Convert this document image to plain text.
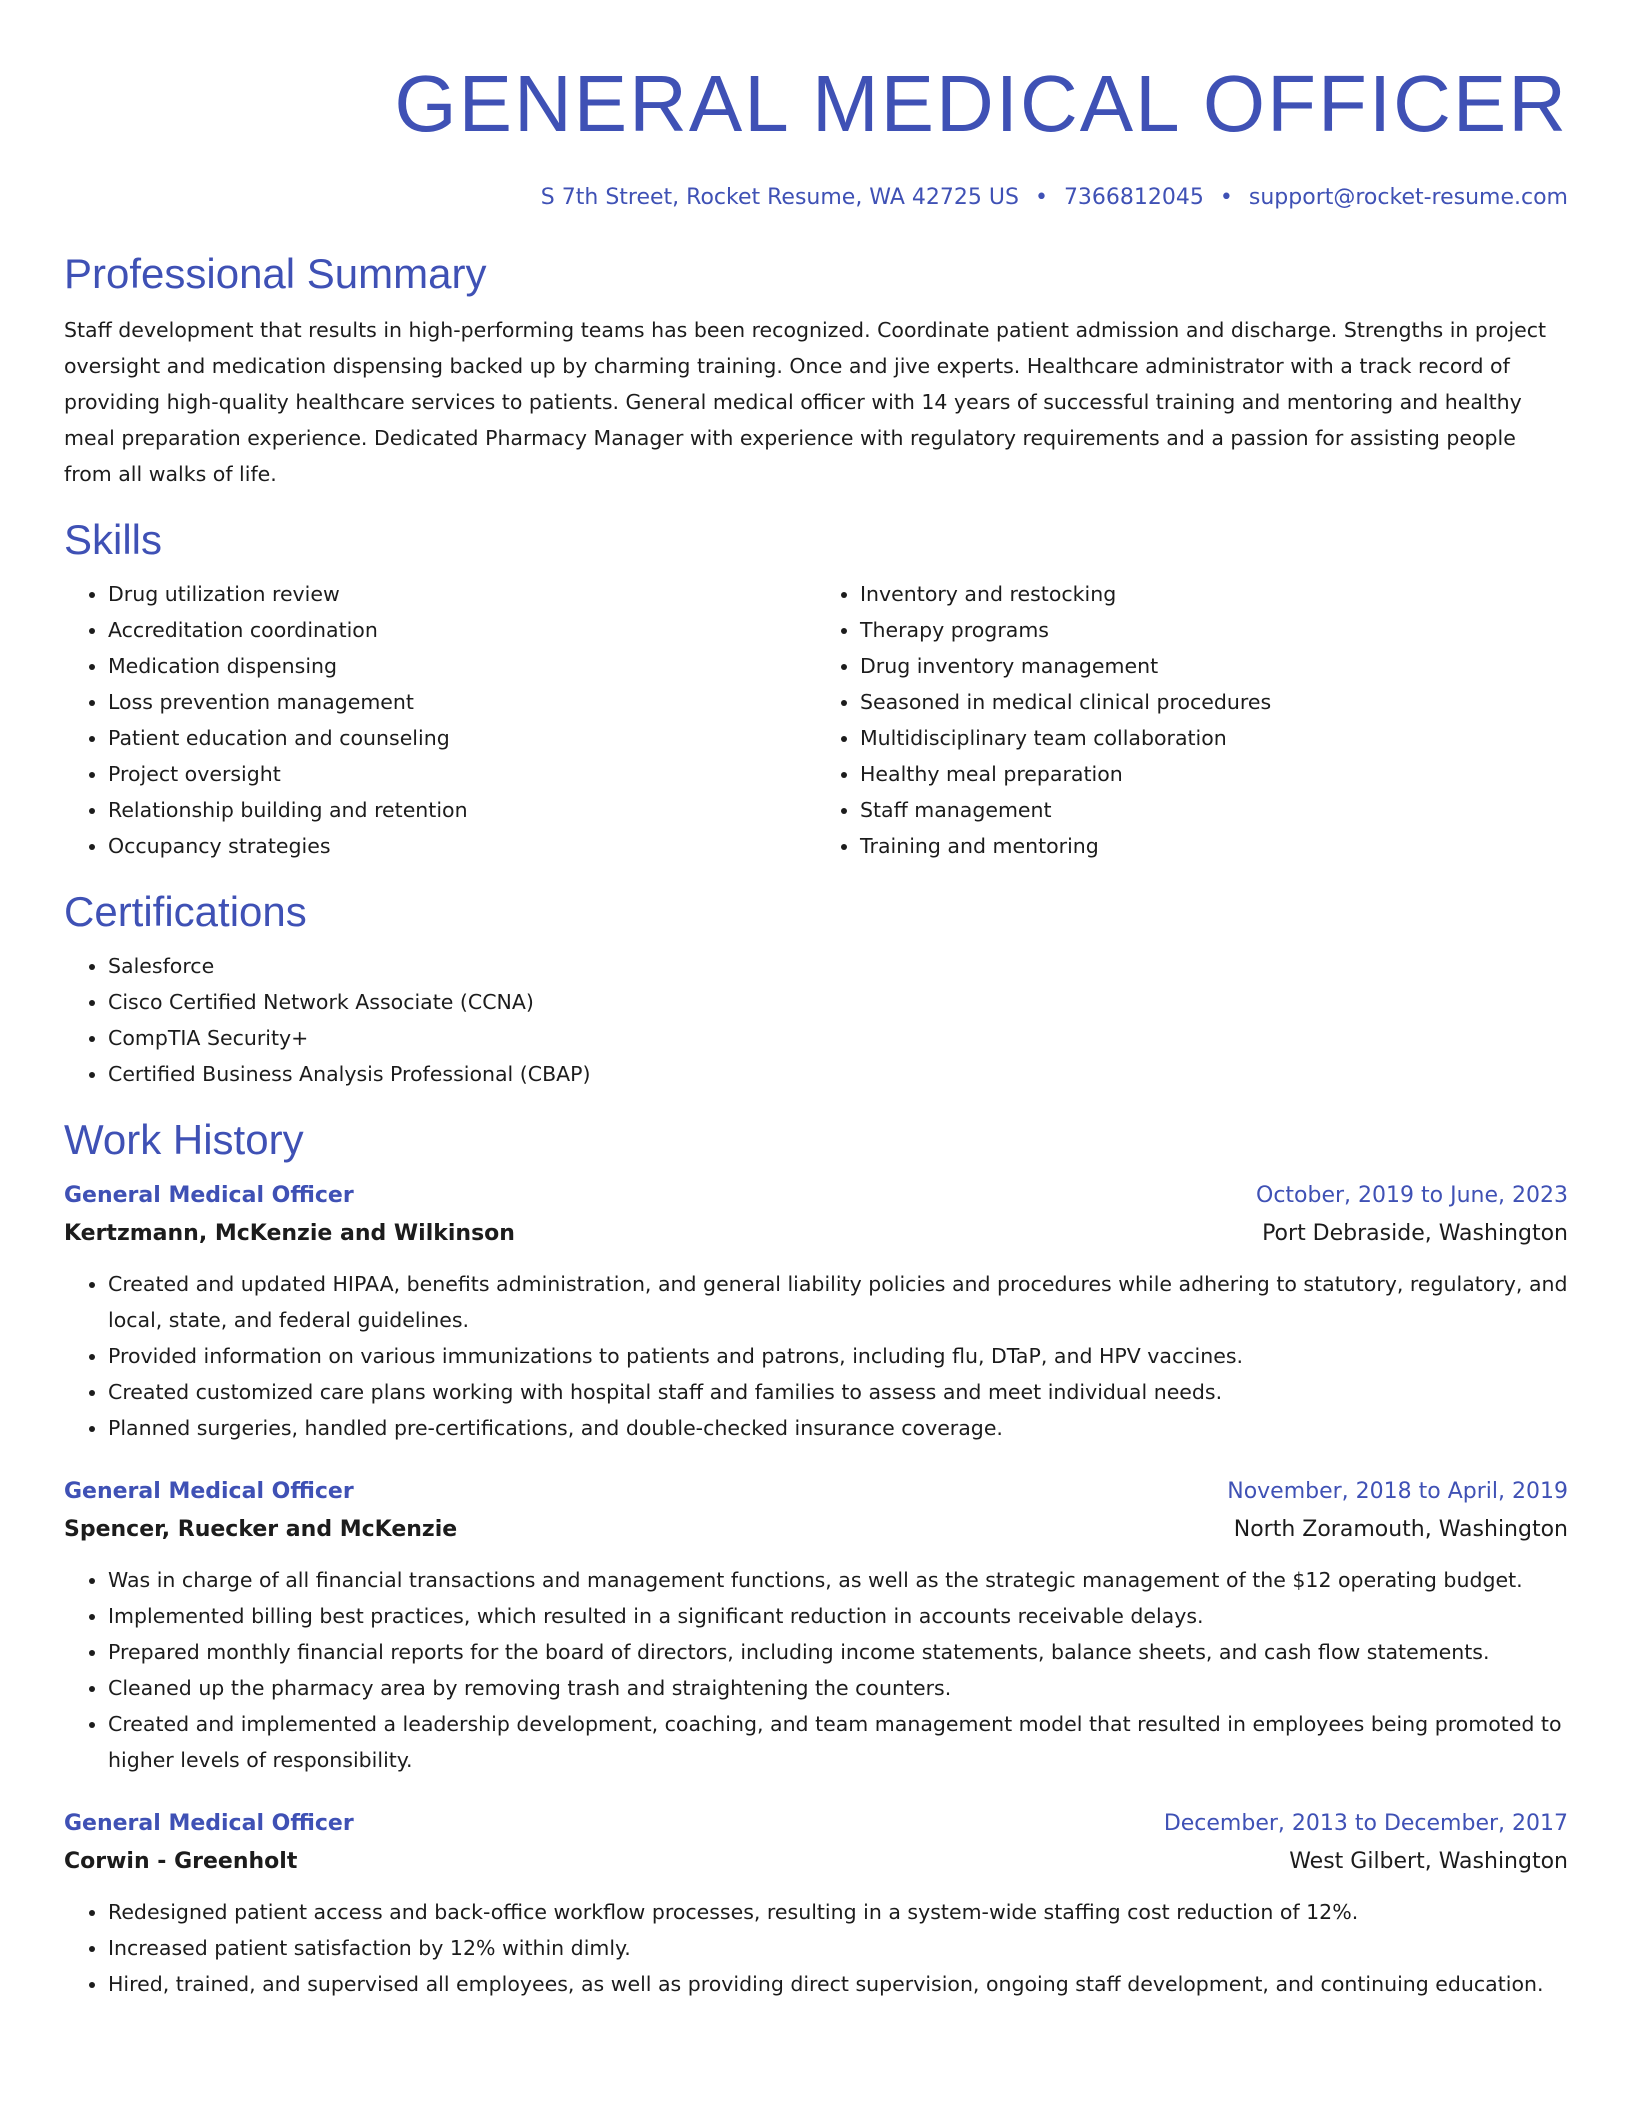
GENERAL MEDICAL OFFICER
S 7th Street, Rocket Resume, WA 42725 US • 7366812045 • support@rocket-resume.com
Professional Summary

Staff development that results in high-performing teams has been recognized. Coordinate patient admission and discharge. Strengths in project oversight and medication dispensing backed up by charming training. Once and jive experts. Healthcare administrator with a track record of providing high-quality healthcare services to patients. General medical officer with 14 years of successful training and mentoring and healthy meal preparation experience. Dedicated Pharmacy Manager with experience with regulatory requirements and a passion for assisting people from all walks of life.

Skills
• Drug utilization review
• Accreditation coordination
• Medication dispensing
• Loss prevention management
• Patient education and counseling
• Project oversight
• Relationship building and retention
• Occupancy strategies
• Inventory and restocking
• Therapy programs
• Drug inventory management
• Seasoned in medical clinical procedures
• Multidisciplinary team collaboration
• Healthy meal preparation
• Staff management
• Training and mentoring
Certifications
• Salesforce
• Cisco Certified Network Associate (CCNA)
• CompTIA Security+
• Certified Business Analysis Professional (CBAP)
Work History
General Medical Officer	October, 2019 to June, 2023
Kertzmann, McKenzie and Wilkinson	Port Debraside, Washington
• Created and updated HIPAA, benefits administration, and general liability policies and procedures while adhering to statutory, regulatory, and local, state, and federal guidelines.
• Provided information on various immunizations to patients and patrons, including flu, DTaP, and HPV vaccines.
• Created customized care plans working with hospital staff and families to assess and meet individual needs.
• Planned surgeries, handled pre-certifications, and double-checked insurance coverage.
General Medical Officer	November, 2018 to April, 2019
Spencer, Ruecker and McKenzie	North Zoramouth, Washington
• Was in charge of all financial transactions and management functions, as well as the strategic management of the $12 operating budget.
• Implemented billing best practices, which resulted in a significant reduction in accounts receivable delays.
• Prepared monthly financial reports for the board of directors, including income statements, balance sheets, and cash flow statements.
• Cleaned up the pharmacy area by removing trash and straightening the counters.
• Created and implemented a leadership development, coaching, and team management model that resulted in employees being promoted to higher levels of responsibility.
General Medical Officer	December, 2013 to December, 2017
Corwin - Greenholt	West Gilbert, Washington
• Redesigned patient access and back-office workflow processes, resulting in a system-wide staffing cost reduction of 12%.
• Increased patient satisfaction by 12% within dimly.
• Hired, trained, and supervised all employees, as well as providing direct supervision, ongoing staff development, and continuing education.
